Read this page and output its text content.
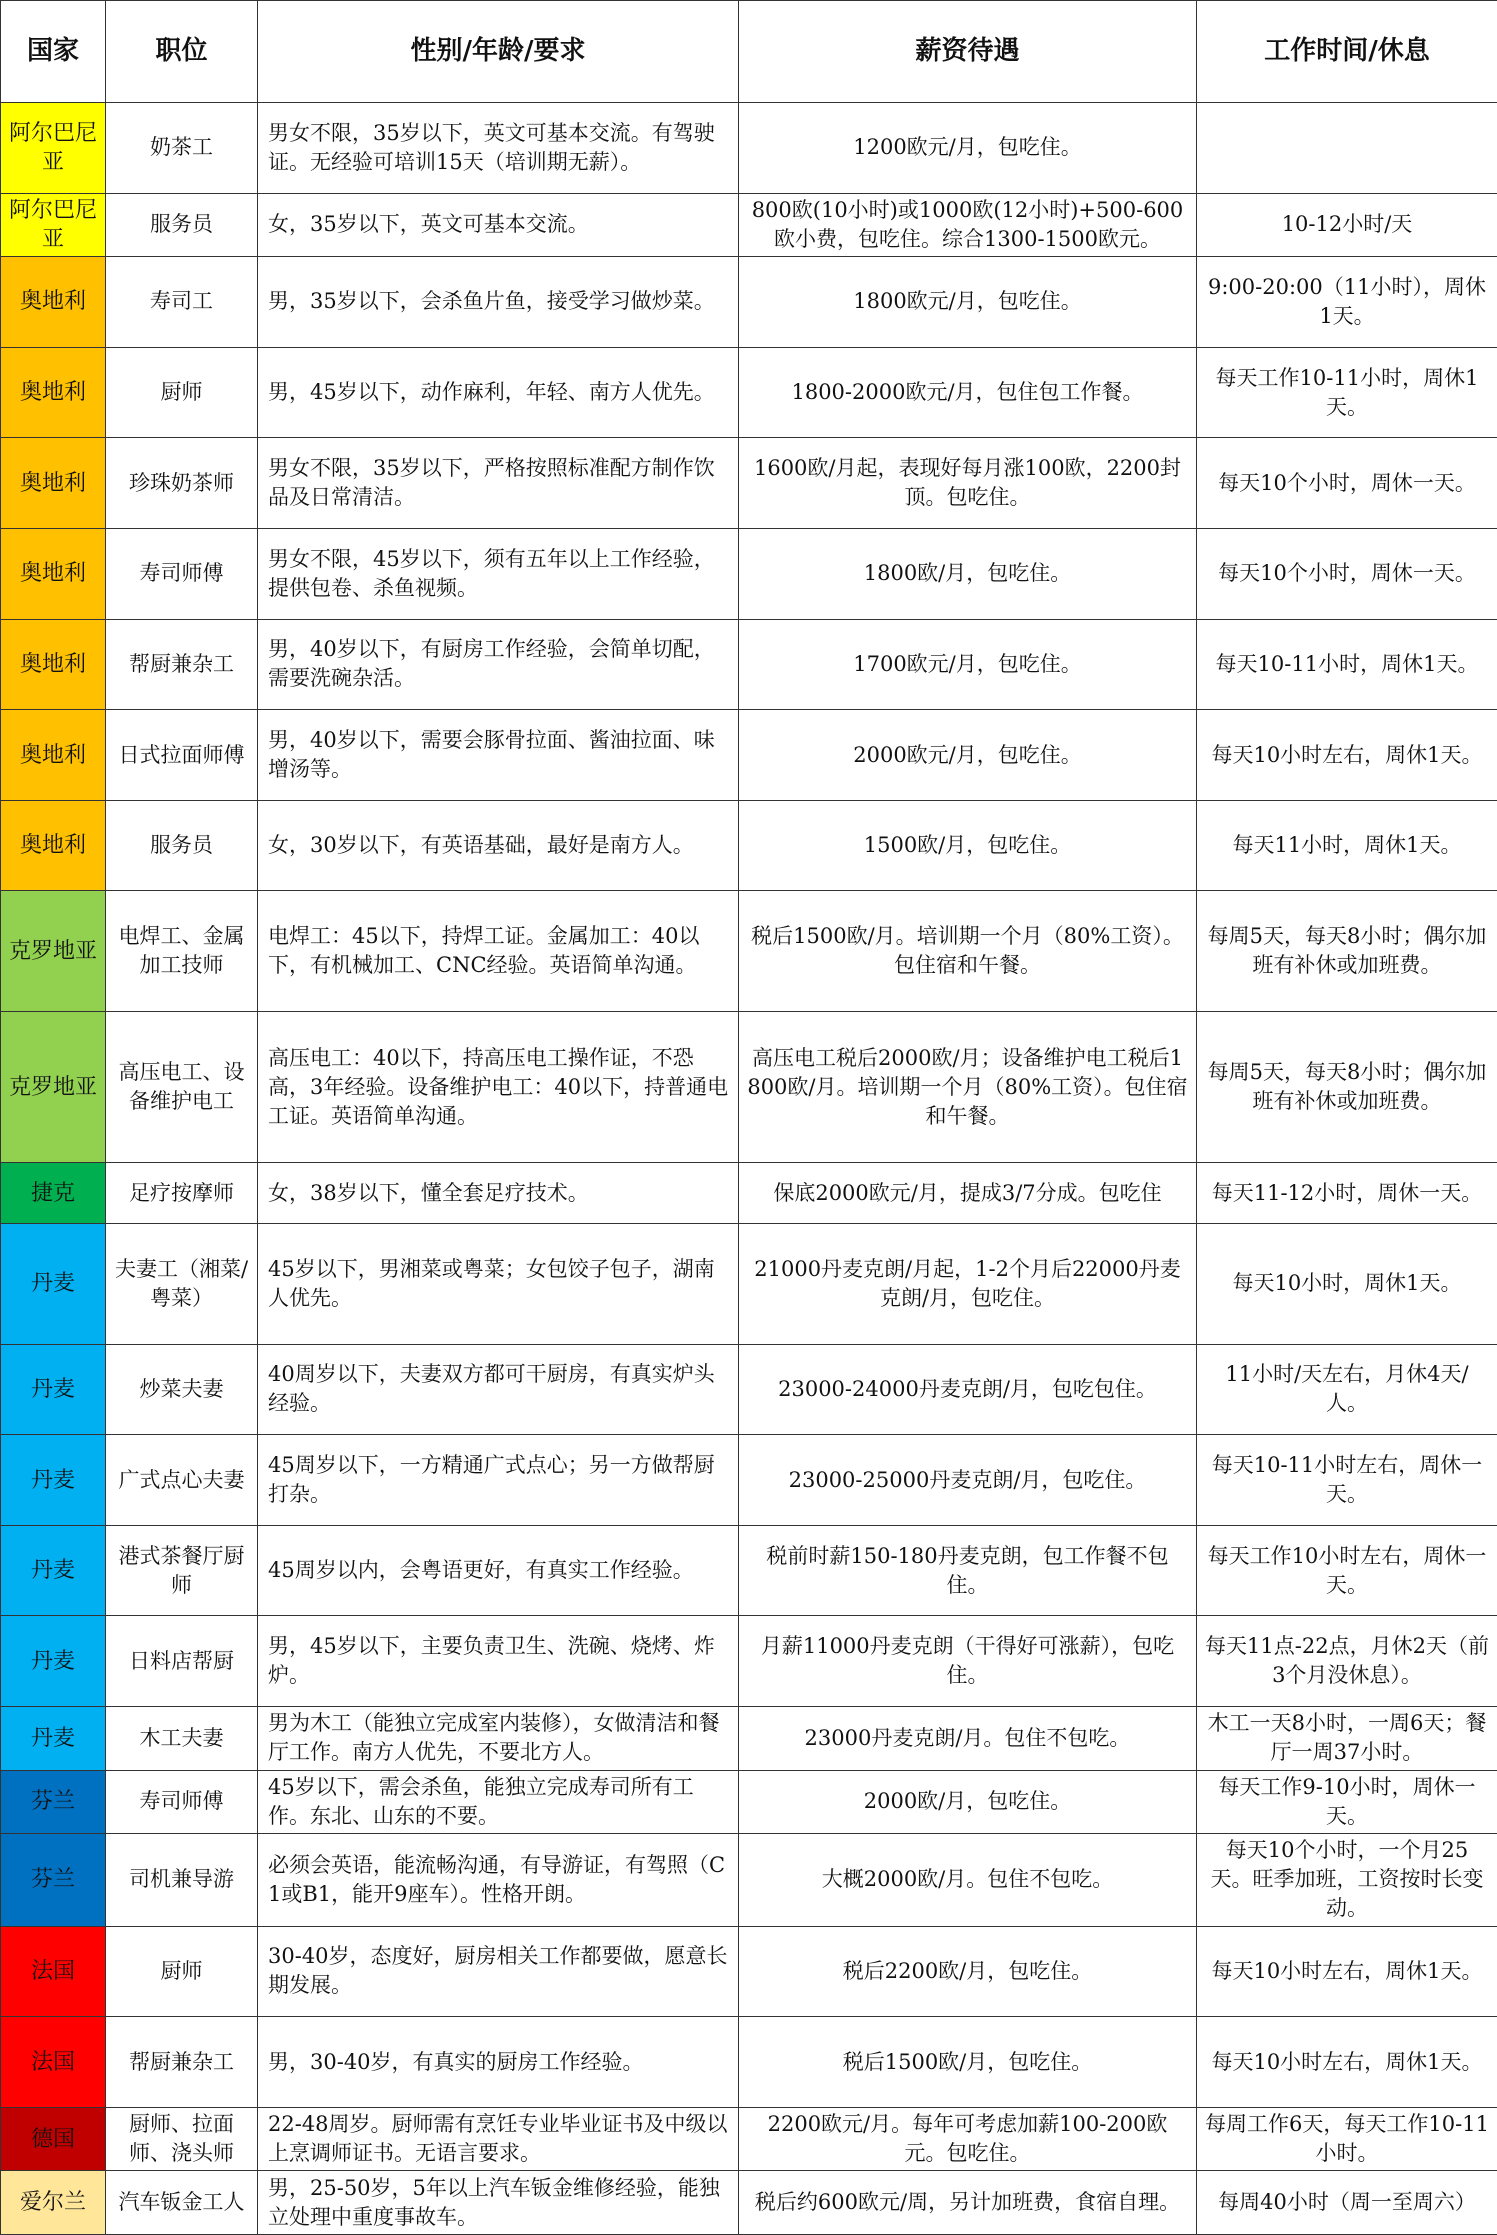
国家	职位	性别/年龄/要求	薪资待遇	工作时间/休息
阿尔巴尼亚	奶茶工	男女不限，35岁以下，英文可基本交流。有驾驶证。无经验可培训15天（培训期无薪）。	1200欧元/月，包吃住。	
阿尔巴尼亚	服务员	女，35岁以下，英文可基本交流。	800欧(10小时)或1000欧(12小时)+500-600欧小费，包吃住。综合1300-1500欧元。	10-12小时/天
奥地利	寿司工	男，35岁以下，会杀鱼片鱼，接受学习做炒菜。	1800欧元/月，包吃住。	9:00-20:00（11小时），周休1天。
奥地利	厨师	男，45岁以下，动作麻利，年轻、南方人优先。	1800-2000欧元/月，包住包工作餐。	每天工作10-11小时，周休1天。
奥地利	珍珠奶茶师	男女不限，35岁以下，严格按照标准配方制作饮品及日常清洁。	1600欧/月起，表现好每月涨100欧，2200封顶。包吃住。	每天10个小时，周休一天。
奥地利	寿司师傅	男女不限，45岁以下，须有五年以上工作经验，提供包卷、杀鱼视频。	1800欧/月，包吃住。	每天10个小时，周休一天。
奥地利	帮厨兼杂工	男，40岁以下，有厨房工作经验，会简单切配，需要洗碗杂活。	1700欧元/月，包吃住。	每天10-11小时，周休1天。
奥地利	日式拉面师傅	男，40岁以下，需要会豚骨拉面、酱油拉面、味增汤等。	2000欧元/月，包吃住。	每天10小时左右，周休1天。
奥地利	服务员	女，30岁以下，有英语基础，最好是南方人。	1500欧/月，包吃住。	每天11小时，周休1天。
克罗地亚	电焊工、金属加工技师	电焊工：45以下，持焊工证。金属加工：40以下，有机械加工、CNC经验。英语简单沟通。	税后1500欧/月。培训期一个月（80%工资）。包住宿和午餐。	每周5天，每天8小时；偶尔加班有补休或加班费。
克罗地亚	高压电工、设备维护电工	高压电工：40以下，持高压电工操作证，不恐高，3年经验。设备维护电工：40以下，持普通电工证。英语简单沟通。	高压电工税后2000欧/月；设备维护电工税后1800欧/月。培训期一个月（80%工资）。包住宿和午餐。	每周5天，每天8小时；偶尔加班有补休或加班费。
捷克	足疗按摩师	女，38岁以下，懂全套足疗技术。	保底2000欧元/月，提成3/7分成。包吃住	每天11-12小时，周休一天。
丹麦	夫妻工（湘菜/粤菜）	45岁以下，男湘菜或粤菜；女包饺子包子，湖南人优先。	21000丹麦克朗/月起，1-2个月后22000丹麦克朗/月，包吃住。	每天10小时，周休1天。
丹麦	炒菜夫妻	40周岁以下，夫妻双方都可干厨房，有真实炉头经验。	23000-24000丹麦克朗/月，包吃包住。	11小时/天左右，月休4天/人。
丹麦	广式点心夫妻	45周岁以下，一方精通广式点心；另一方做帮厨打杂。	23000-25000丹麦克朗/月，包吃住。	每天10-11小时左右，周休一天。
丹麦	港式茶餐厅厨师	45周岁以内，会粤语更好，有真实工作经验。	税前时薪150-180丹麦克朗，包工作餐不包住。	每天工作10小时左右，周休一天。
丹麦	日料店帮厨	男，45岁以下，主要负责卫生、洗碗、烧烤、炸炉。	月薪11000丹麦克朗（干得好可涨薪），包吃住。	每天11点-22点，月休2天（前3个月没休息）。
丹麦	木工夫妻	男为木工（能独立完成室内装修），女做清洁和餐厅工作。南方人优先，不要北方人。	23000丹麦克朗/月。包住不包吃。	木工一天8小时，一周6天；餐厅一周37小时。
芬兰	寿司师傅	45岁以下，需会杀鱼，能独立完成寿司所有工作。东北、山东的不要。	2000欧/月，包吃住。	每天工作9-10小时，周休一天。
芬兰	司机兼导游	必须会英语，能流畅沟通，有导游证，有驾照（C1或B1，能开9座车）。性格开朗。	大概2000欧/月。包住不包吃。	每天10个小时，一个月25天。旺季加班，工资按时长变动。
法国	厨师	30-40岁，态度好，厨房相关工作都要做，愿意长期发展。	税后2200欧/月，包吃住。	每天10小时左右，周休1天。
法国	帮厨兼杂工	男，30-40岁，有真实的厨房工作经验。	税后1500欧/月，包吃住。	每天10小时左右，周休1天。
德国	厨师、拉面师、浇头师	22-48周岁。厨师需有烹饪专业毕业证书及中级以上烹调师证书。无语言要求。	2200欧元/月。每年可考虑加薪100-200欧元。包吃住。	每周工作6天，每天工作10-11小时。
爱尔兰	汽车钣金工人	男，25-50岁，5年以上汽车钣金维修经验，能独立处理中重度事故车。	税后约600欧元/周，另计加班费，食宿自理。	每周40小时（周一至周六）
